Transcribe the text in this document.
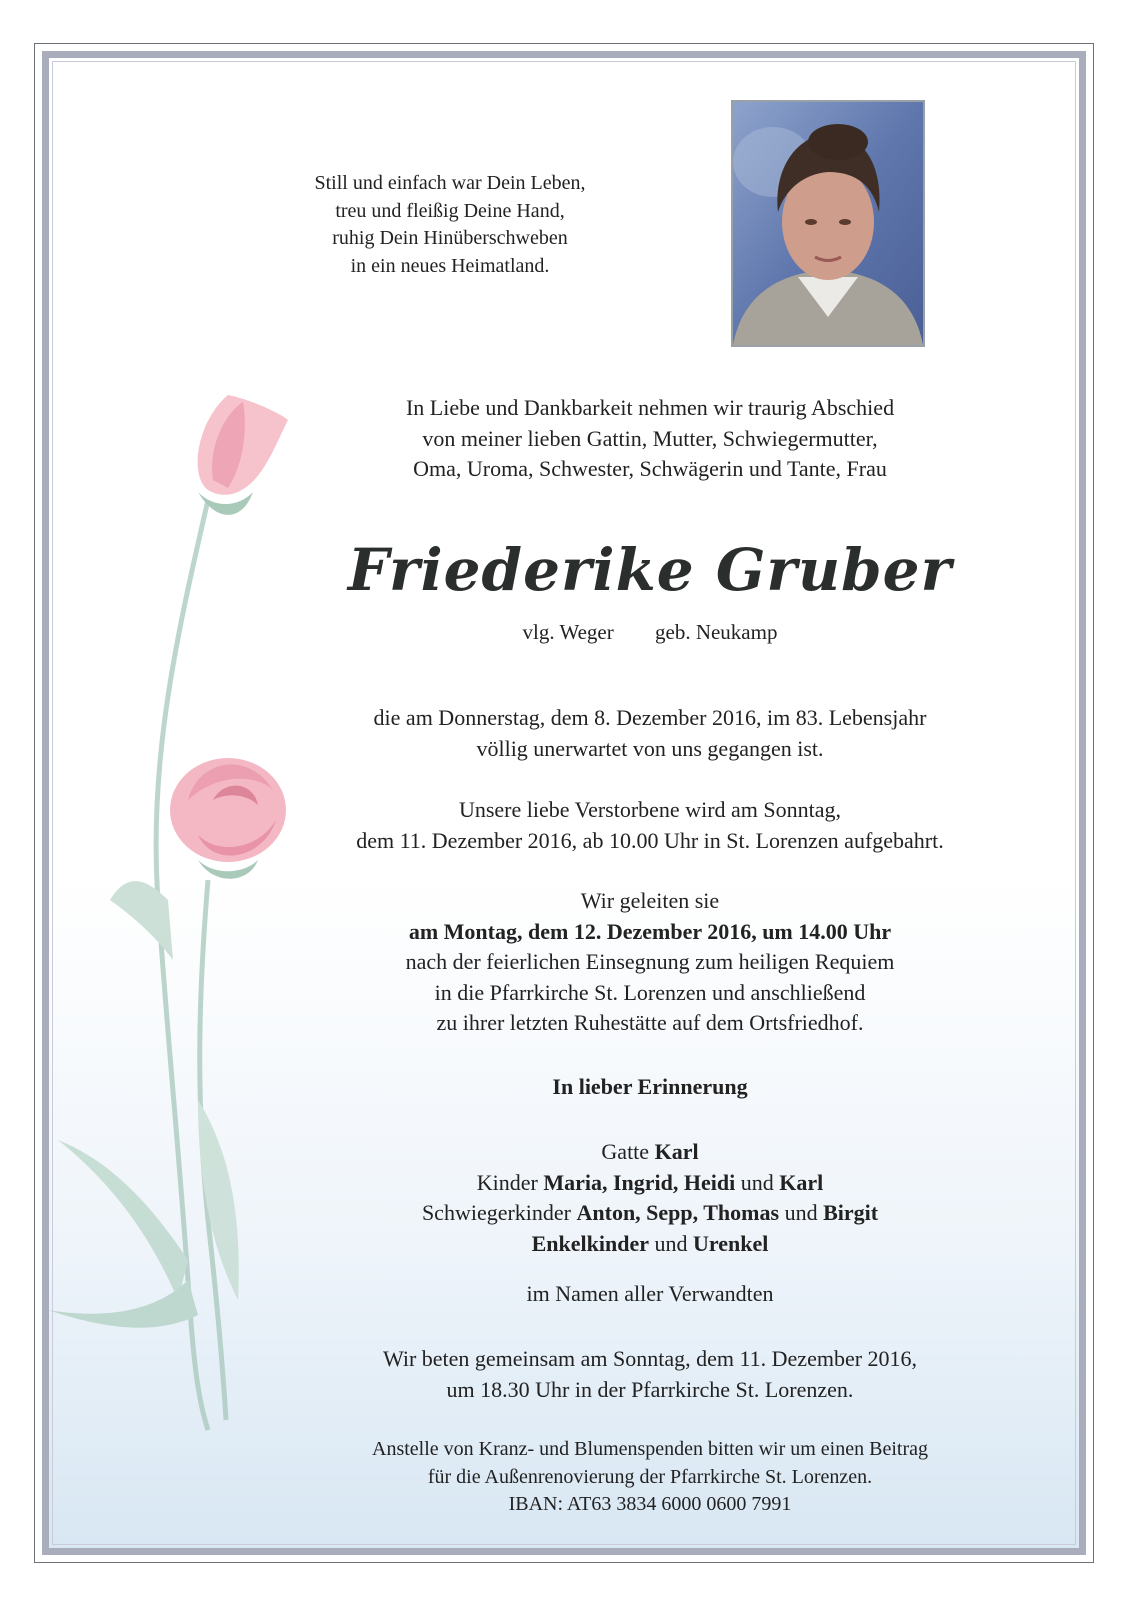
Still und einfach war Dein Leben,
treu und fleißig Deine Hand,
ruhig Dein Hinüberschweben
in ein neues Heimatland.
In Liebe und Dankbarkeit nehmen wir traurig Abschied
von meiner lieben Gattin, Mutter, Schwiegermutter,
Oma, Uroma, Schwester, Schwägerin und Tante, Frau
Friederike Gruber
vlg. Weger geb. Neukamp
die am Donnerstag, dem 8. Dezember 2016, im 83. Lebensjahr
völlig unerwartet von uns gegangen ist.
Unsere liebe Verstorbene wird am Sonntag,
dem 11. Dezember 2016, ab 10.00 Uhr in St. Lorenzen aufgebahrt.
Wir geleiten sie
am Montag, dem 12. Dezember 2016, um 14.00 Uhr
nach der feierlichen Einsegnung zum heiligen Requiem
in die Pfarrkirche St. Lorenzen und anschließend
zu ihrer letzten Ruhestätte auf dem Ortsfriedhof.
In lieber Erinnerung
Gatte Karl
Kinder Maria, Ingrid, Heidi und Karl
Schwiegerkinder Anton, Sepp, Thomas und Birgit
Enkelkinder und Urenkel
im Namen aller Verwandten
Wir beten gemeinsam am Sonntag, dem 11. Dezember 2016,
um 18.30 Uhr in der Pfarrkirche St. Lorenzen.
Anstelle von Kranz- und Blumenspenden bitten wir um einen Beitrag
für die Außenrenovierung der Pfarrkirche St. Lorenzen.
IBAN: AT63 3834 6000 0600 7991
